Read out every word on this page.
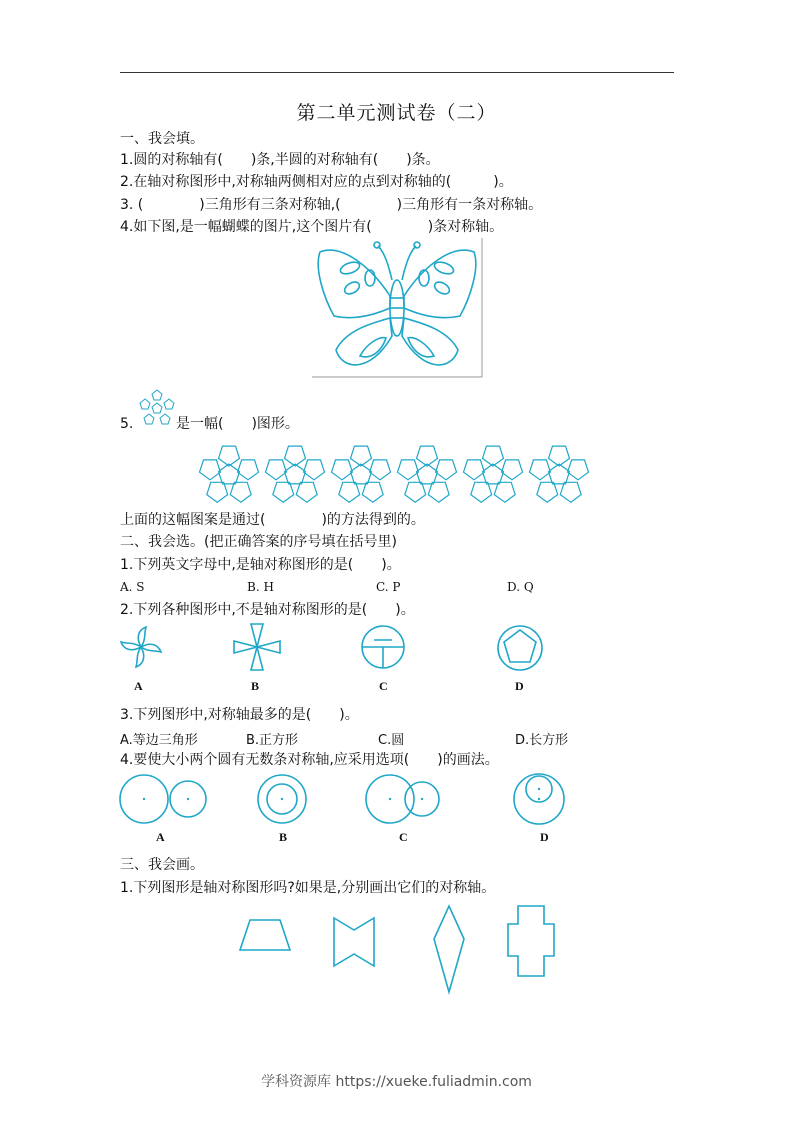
第二单元测试卷（二）
一、我会填。
1.圆的对称轴有(　　)条,半圆的对称轴有(　　)条。
2.在轴对称图形中,对称轴两侧相对应的点到对称轴的(　　　)。
3. (　　　　)三角形有三条对称轴,(　　　　)三角形有一条对称轴。
4.如下图,是一幅蝴蝶的图片,这个图片有(　　　　)条对称轴。
5.	是一幅(　　)图形。
上面的这幅图案是通过(　　　　)的方法得到的。
二、我会选。(把正确答案的序号填在括号里)
1.下列英文字母中,是轴对称图形的是(　　)。
A. S	B. H	C. P	D. Q
2.下列各种图形中,不是轴对称图形的是(　　)。
A	B	C	D
3.下列图形中,对称轴最多的是(　　)。
A.等边三角形	B.正方形	C.圆	D.长方形
4.要使大小两个圆有无数条对称轴,应采用选项(　　)的画法。
A	B	C	D
三、我会画。
1.下列图形是轴对称图形吗?如果是,分别画出它们的对称轴。
学科资源库 https://xueke.fuliadmin.com
